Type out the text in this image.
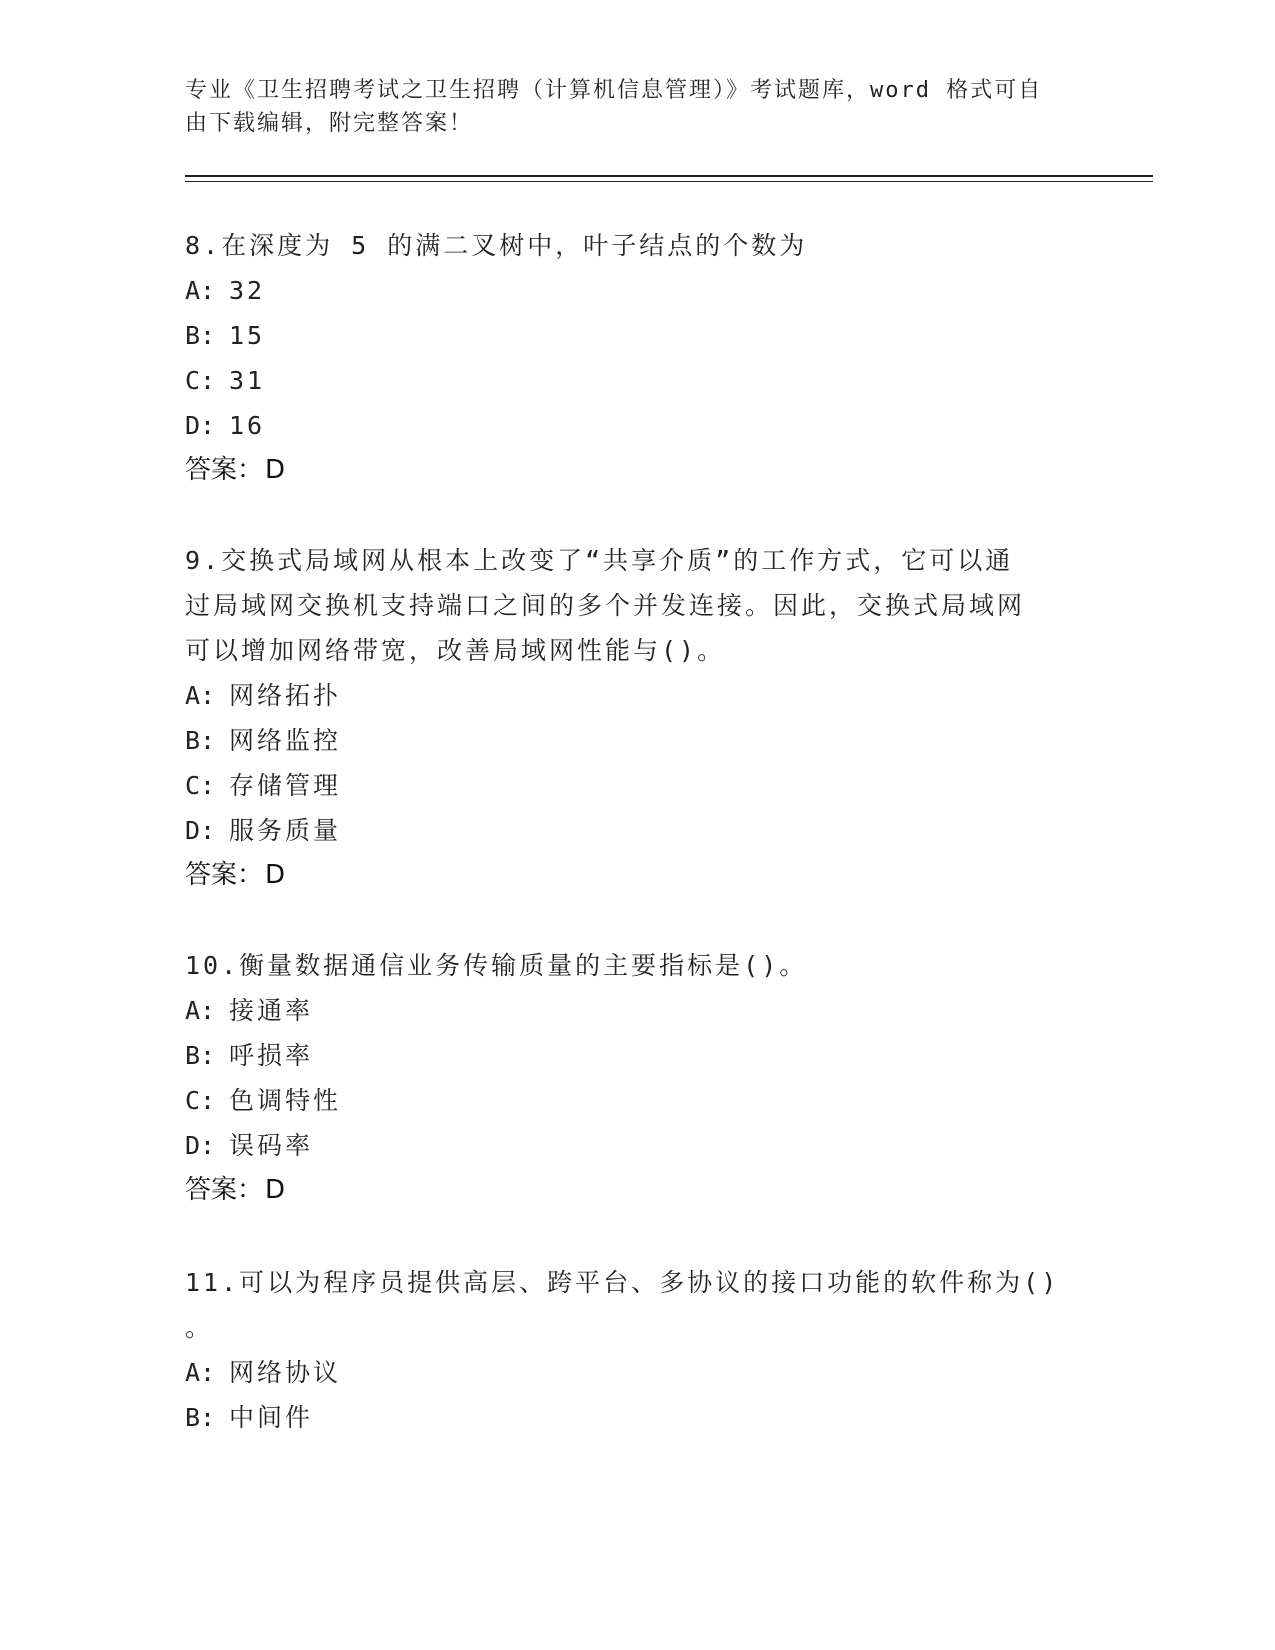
专业《卫生招聘考试之卫生招聘（计算机信息管理）》考试题库，word 格式可自
由下载编辑，附完整答案！

8.在深度为 5 的满二叉树中，叶子结点的个数为

A: 32

B: 15

C: 31

D: 16

答案：D

9.交换式局域网从根本上改变了“共享介质”的工作方式，它可以通

过局域网交换机支持端口之间的多个并发连接。因此，交换式局域网

可以增加网络带宽，改善局域网性能与()。

A: 网络拓扑

B: 网络监控

C: 存储管理

D: 服务质量

答案：D

10.衡量数据通信业务传输质量的主要指标是()。

A: 接通率

B: 呼损率

C: 色调特性

D: 误码率

答案：D

11.可以为程序员提供高层、跨平台、多协议的接口功能的软件称为()

。

A: 网络协议

B: 中间件
